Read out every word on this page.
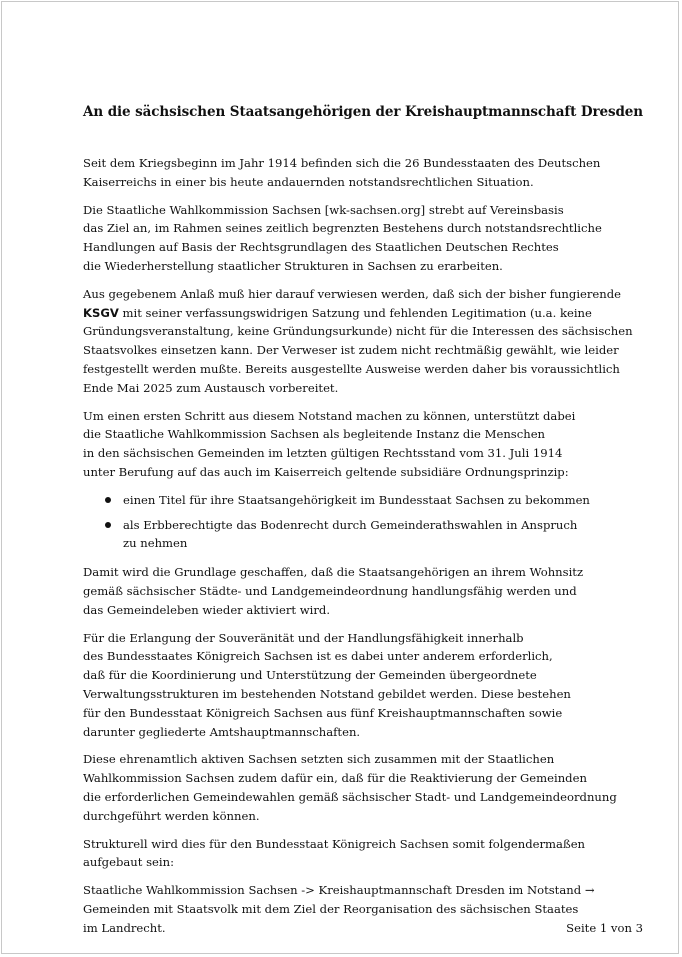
An die sächsischen Staatsangehörigen der Kreishauptmannschaft Dresden
Seit dem Kriegsbeginn im Jahr 1914 befinden sich die 26 Bundesstaaten des Deutschen
Kaiserreichs in einer bis heute andauernden notstandsrechtlichen Situation.
Die Staatliche Wahlkommission Sachsen [wk-sachsen.org] strebt auf Vereinsbasis
das Ziel an, im Rahmen seines zeitlich begrenzten Bestehens durch notstandsrechtliche
Handlungen auf Basis der Rechtsgrundlagen des Staatlichen Deutschen Rechtes
die Wiederherstellung staatlicher Strukturen in Sachsen zu erarbeiten.
Aus gegebenem Anlaß muß hier darauf verwiesen werden, daß sich der bisher fungierende
KSGV mit seiner verfassungswidrigen Satzung und fehlenden Legitimation (u.a. keine
Gründungsveranstaltung, keine Gründungsurkunde) nicht für die Interessen des sächsischen
Staatsvolkes einsetzen kann. Der Verweser ist zudem nicht rechtmäßig gewählt, wie leider
festgestellt werden mußte. Bereits ausgestellte Ausweise werden daher bis voraussichtlich
Ende Mai 2025 zum Austausch vorbereitet.
Um einen ersten Schritt aus diesem Notstand machen zu können, unterstützt dabei
die Staatliche Wahlkommission Sachsen als begleitende Instanz die Menschen
in den sächsischen Gemeinden im letzten gültigen Rechtsstand vom 31. Juli 1914
unter Berufung auf das auch im Kaiserreich geltende subsidiäre Ordnungsprinzip:
einen Titel für ihre Staatsangehörigkeit im Bundesstaat Sachsen zu bekommen
als Erbberechtigte das Bodenrecht durch Gemeinderathswahlen in Anspruch
zu nehmen
Damit wird die Grundlage geschaffen, daß die Staatsangehörigen an ihrem Wohnsitz
gemäß sächsischer Städte- und Landgemeindeordnung handlungsfähig werden und
das Gemeindeleben wieder aktiviert wird.
Für die Erlangung der Souveränität und der Handlungsfähigkeit innerhalb
des Bundesstaates Königreich Sachsen ist es dabei unter anderem erforderlich,
daß für die Koordinierung und Unterstützung der Gemeinden übergeordnete
Verwaltungsstrukturen im bestehenden Notstand gebildet werden. Diese bestehen
für den Bundesstaat Königreich Sachsen aus fünf Kreishauptmannschaften sowie
darunter gegliederte Amtshauptmannschaften.
Diese ehrenamtlich aktiven Sachsen setzten sich zusammen mit der Staatlichen
Wahlkommission Sachsen zudem dafür ein, daß für die Reaktivierung der Gemeinden
die erforderlichen Gemeindewahlen gemäß sächsischer Stadt- und Landgemeindeordnung
durchgeführt werden können.
Strukturell wird dies für den Bundesstaat Königreich Sachsen somit folgendermaßen
aufgebaut sein:
Staatliche Wahlkommission Sachsen -> Kreishauptmannschaft Dresden im Notstand →
Gemeinden mit Staatsvolk mit dem Ziel der Reorganisation des sächsischen Staates
im Landrecht.	Seite 1 von 3
